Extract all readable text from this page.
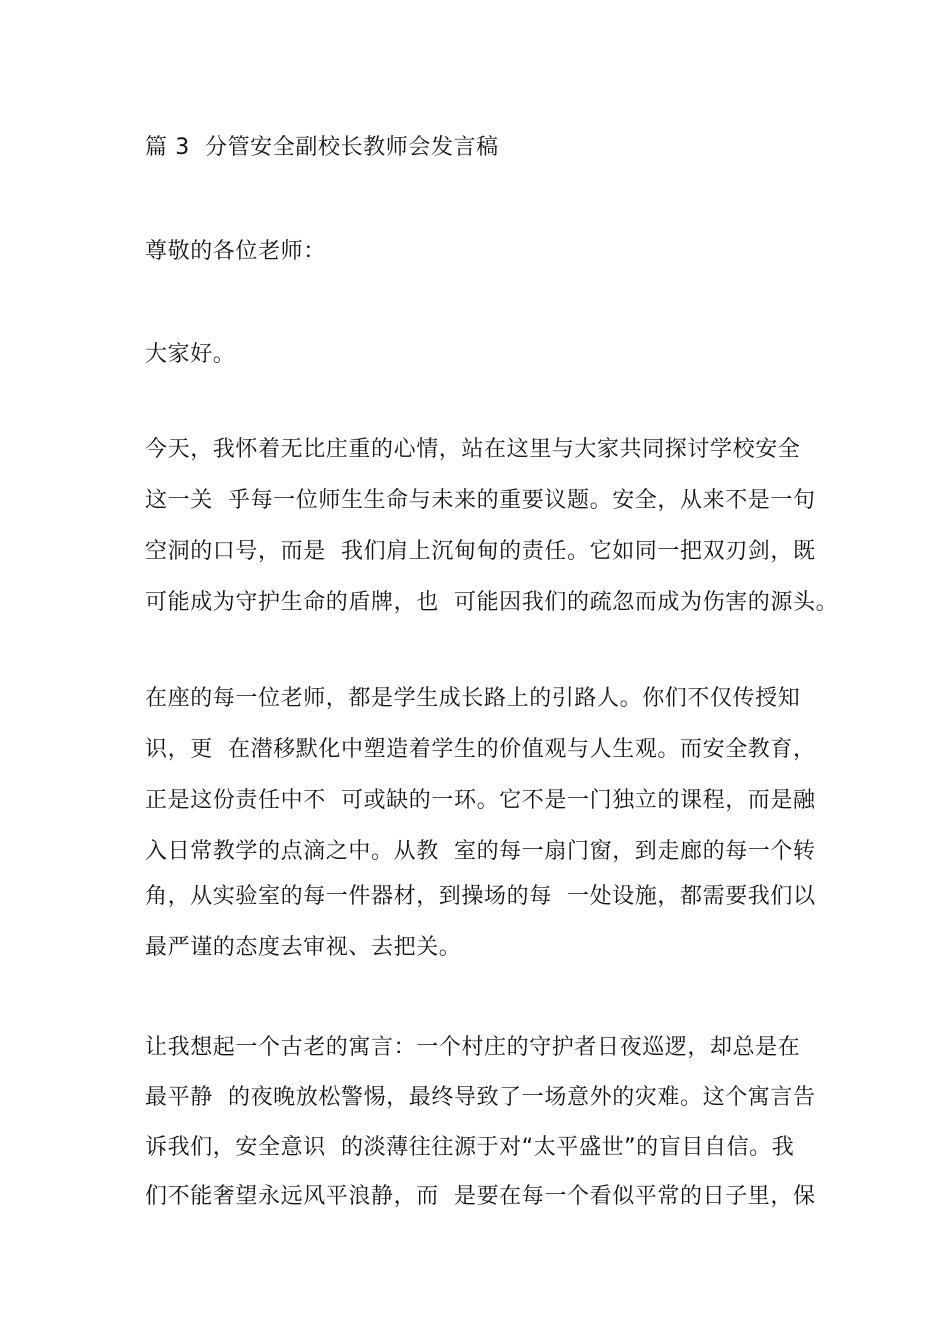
篇 3  分管安全副校长教师会发言稿
尊敬的各位老师：
大家好。
今天，我怀着无比庄重的心情，站在这里与大家共同探讨学校安全
这一关  乎每一位师生生命与未来的重要议题。安全，从来不是一句
空洞的口号，而是  我们肩上沉甸甸的责任。它如同一把双刃剑，既
可能成为守护生命的盾牌，也  可能因我们的疏忽而成为伤害的源头。
在座的每一位老师，都是学生成长路上的引路人。你们不仅传授知
识，更  在潜移默化中塑造着学生的价值观与人生观。而安全教育，
正是这份责任中不  可或缺的一环。它不是一门独立的课程，而是融
入日常教学的点滴之中。从教  室的每一扇门窗，到走廊的每一个转
角，从实验室的每一件器材，到操场的每  一处设施，都需要我们以
最严谨的态度去审视、去把关。
让我想起一个古老的寓言：一个村庄的守护者日夜巡逻，却总是在
最平静  的夜晚放松警惕，最终导致了一场意外的灾难。这个寓言告
诉我们，安全意识  的淡薄往往源于对“太平盛世”的盲目自信。我
们不能奢望永远风平浪静，而  是要在每一个看似平常的日子里，保
